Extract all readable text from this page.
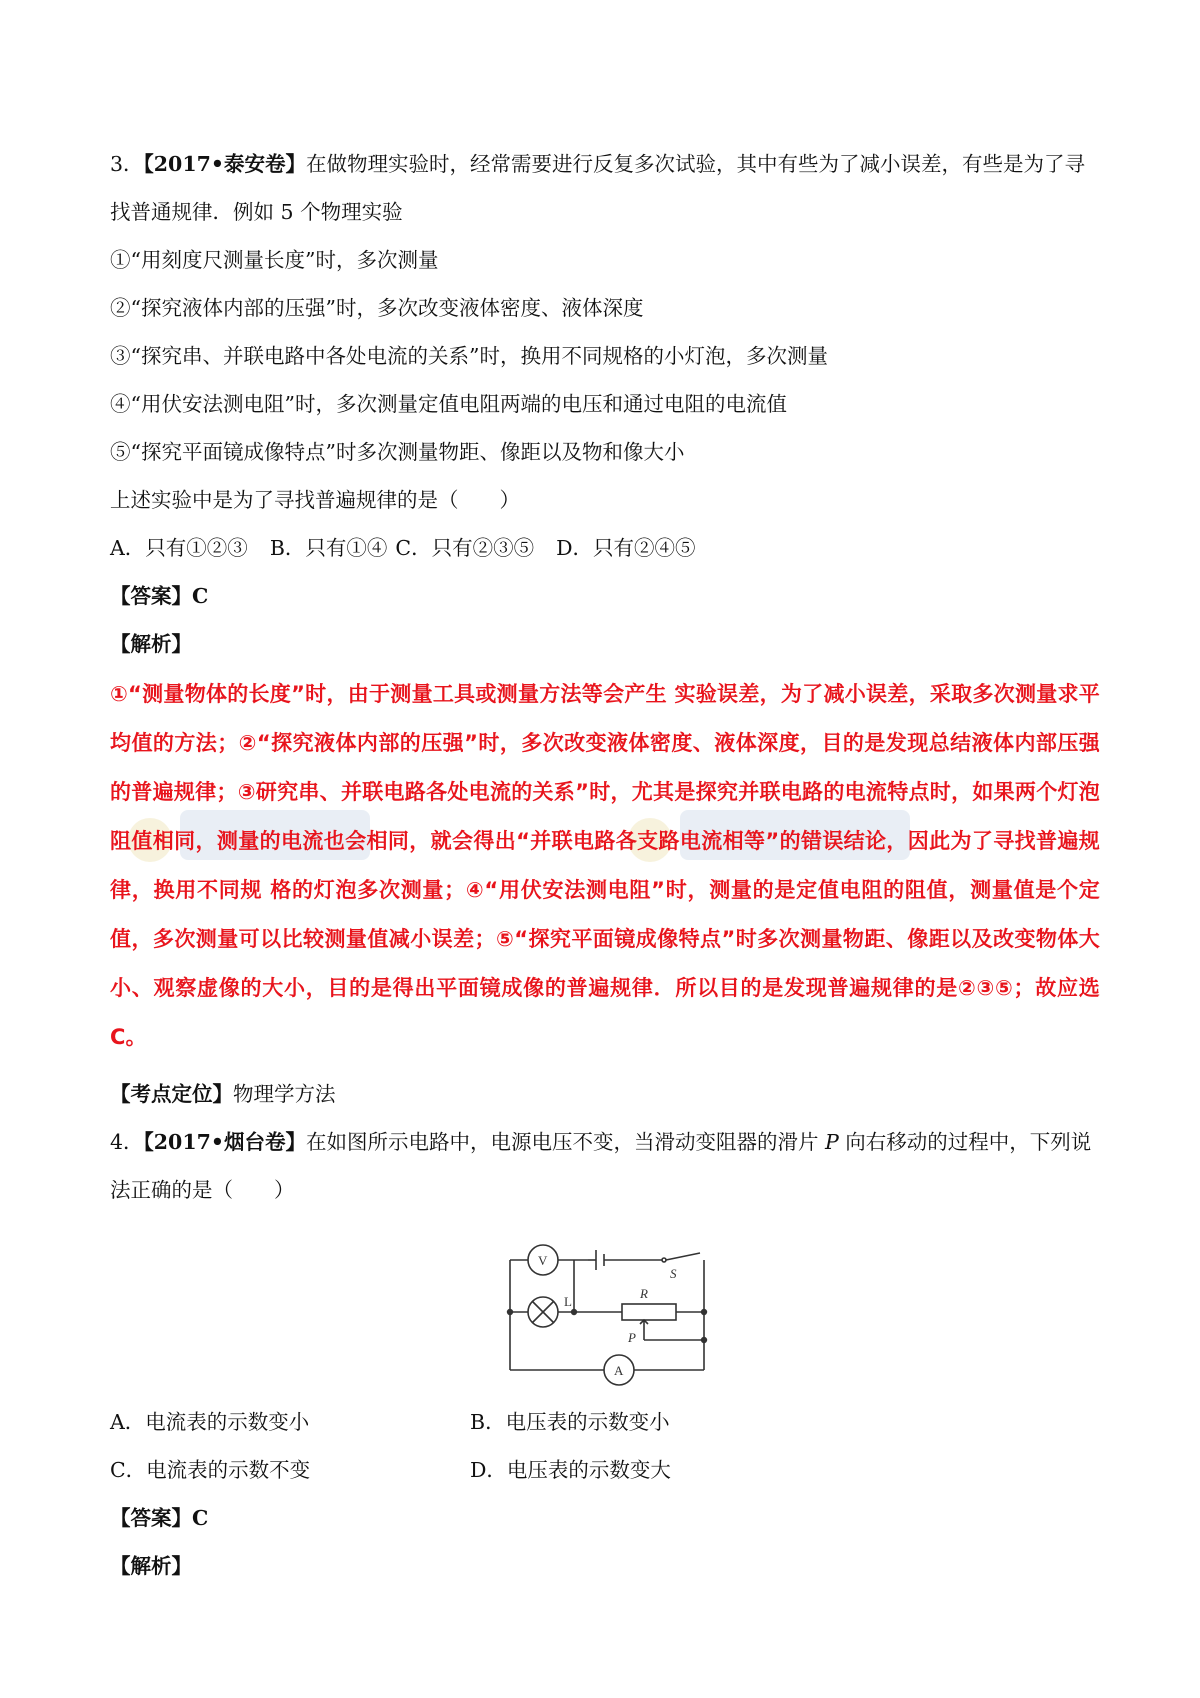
3．【2017•泰安卷】在做物理实验时，经常需要进行反复多次试验，其中有些为了减小误差，有些是为了寻
找普通规律．例如 5 个物理实验
①“用刻度尺测量长度”时，多次测量
②“探究液体内部的压强”时，多次改变液体密度、液体深度
③“探究串、并联电路中各处电流的关系”时，换用不同规格的小灯泡，多次测量
④“用伏安法测电阻”时，多次测量定值电阻两端的电压和通过电阻的电流值
⑤“探究平面镜成像特点”时多次测量物距、像距以及物和像大小
上述实验中是为了寻找普遍规律的是（　　）
A．只有①②③ B．只有①④ C．只有②③⑤ D．只有②④⑤
【答案】C
【解析】
①“测量物体的长度”时，由于测量工具或测量方法等会产生 实验误差，为了减小误差，采取多次测量求平均值的方法；②“探究液体内部的压强”时，多次改变液体密度、液体深度，目的是发现总结液体内部压强的普遍规律；③研究串、并联电路各处电流的关系”时，尤其是探究并联电路的电流特点时，如果两个灯泡阻值相同，测量的电流也会相同，就会得出“并联电路各支路电流相等”的错误结论，因此为了寻找普遍规律，换用不同规 格的灯泡多次测量；④“用伏安法测电阻”时，测量的是定值电阻的阻值，测量值是个定值，多次测量可以比较测量值减小误差；⑤“探究平面镜成像特点”时多次测量物距、像距以及改变物体大小、观察虚像的大小，目的是得出平面镜成像的普遍规律．所以目的是发现普遍规律的是②③⑤；故应选 C。
【考点定位】物理学方法
4．【2017•烟台卷】在如图所示电路中，电源电压不变，当滑动变阻器的滑片 P 向右移动的过程中，下列说
法正确的是（　　）
V
L
R
P
A
S
A．电流表的示数变小	B．电压表的示数变小
C．电流表的示数不变	D．电压表的示数变大
【答案】C
【解析】
